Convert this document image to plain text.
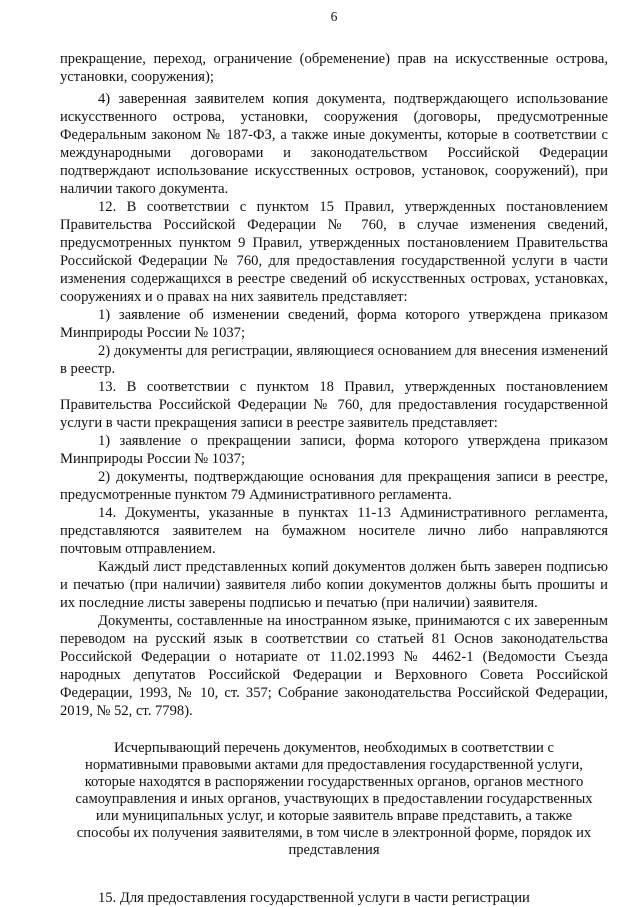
6

прекращение, переход, ограничение (обременение) прав на искусственные острова, установки, сооружения);

4) заверенная заявителем копия документа, подтверждающего использование искусственного острова, установки, сооружения (договоры, предусмотренные Федеральным законом № 187-ФЗ, а также иные документы, которые в соответствии с международными договорами и законодательством Российской Федерации подтверждают использование искусственных островов, установок, сооружений), при наличии такого документа.

12. В соответствии с пунктом 15 Правил, утвержденных постановлением Правительства Российской Федерации № 760, в случае изменения сведений, предусмотренных пунктом 9 Правил, утвержденных постановлением Правительства Российской Федерации № 760, для предоставления государственной услуги в части изменения содержащихся в реестре сведений об искусственных островах, установках, сооружениях и о правах на них заявитель представляет:

1) заявление об изменении сведений, форма которого утверждена приказом Минприроды России № 1037;

2) документы для регистрации, являющиеся основанием для внесения изменений в реестр.

13. В соответствии с пунктом 18 Правил, утвержденных постановлением Правительства Российской Федерации № 760, для предоставления государственной услуги в части прекращения записи в реестре заявитель представляет:

1) заявление о прекращении записи, форма которого утверждена приказом Минприроды России № 1037;

2) документы, подтверждающие основания для прекращения записи в реестре, предусмотренные пунктом 79 Административного регламента.

14. Документы, указанные в пунктах 11-13 Административного регламента, представляются заявителем на бумажном носителе лично либо направляются почтовым отправлением.

Каждый лист представленных копий документов должен быть заверен подписью и печатью (при наличии) заявителя либо копии документов должны быть прошиты и их последние листы заверены подписью и печатью (при наличии) заявителя.

Документы, составленные на иностранном языке, принимаются с их заверенным переводом на русский язык в соответствии со статьей 81 Основ законодательства Российской Федерации о нотариате от 11.02.1993 № 4462-1 (Ведомости Съезда народных депутатов Российской Федерации и Верховного Совета Российской Федерации, 1993, № 10, ст. 357; Собрание законодательства Российской Федерации, 2019, № 52, ст. 7798).

Исчерпывающий перечень документов, необходимых в соответствии с нормативными правовыми актами для предоставления государственной услуги, которые находятся в распоряжении государственных органов, органов местного самоуправления и иных органов, участвующих в предоставлении государственных или муниципальных услуг, и которые заявитель вправе представить, а также способы их получения заявителями, в том числе в электронной форме, порядок их представления

15. Для предоставления государственной услуги в части регистрации
